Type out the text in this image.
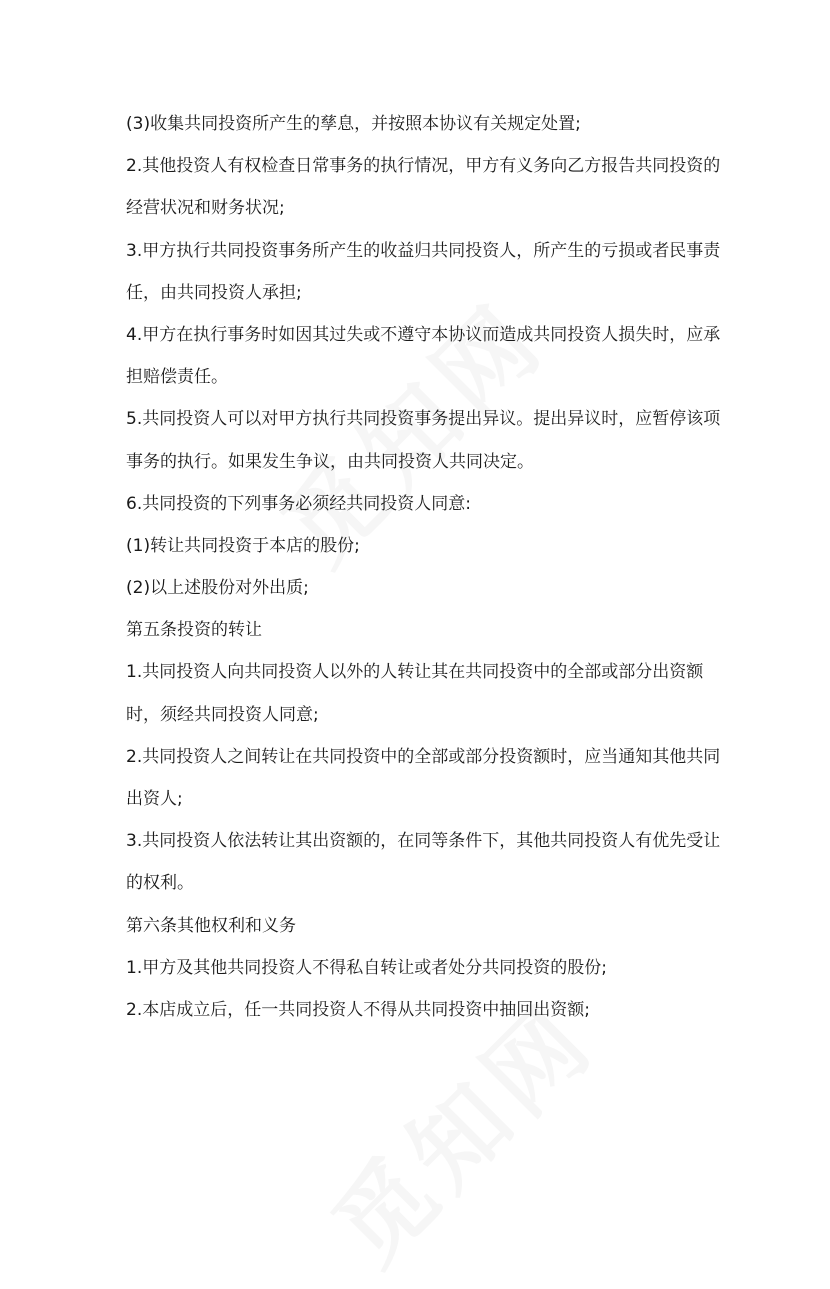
(3)收集共同投资所产生的孳息，并按照本协议有关规定处置;

2.其他投资人有权检查日常事务的执行情况，甲方有义务向乙方报告共同投资的

经营状况和财务状况;

3.甲方执行共同投资事务所产生的收益归共同投资人，所产生的亏损或者民事责

任，由共同投资人承担;

4.甲方在执行事务时如因其过失或不遵守本协议而造成共同投资人损失时，应承

担赔偿责任。

5.共同投资人可以对甲方执行共同投资事务提出异议。提出异议时，应暂停该项

事务的执行。如果发生争议，由共同投资人共同决定。

6.共同投资的下列事务必须经共同投资人同意:

(1)转让共同投资于本店的股份;

(2)以上述股份对外出质;

第五条投资的转让

1.共同投资人向共同投资人以外的人转让其在共同投资中的全部或部分出资额

时，须经共同投资人同意;

2.共同投资人之间转让在共同投资中的全部或部分投资额时，应当通知其他共同

出资人;

3.共同投资人依法转让其出资额的，在同等条件下，其他共同投资人有优先受让

的权利。

第六条其他权利和义务

1.甲方及其他共同投资人不得私自转让或者处分共同投资的股份;

2.本店成立后，任一共同投资人不得从共同投资中抽回出资额;
